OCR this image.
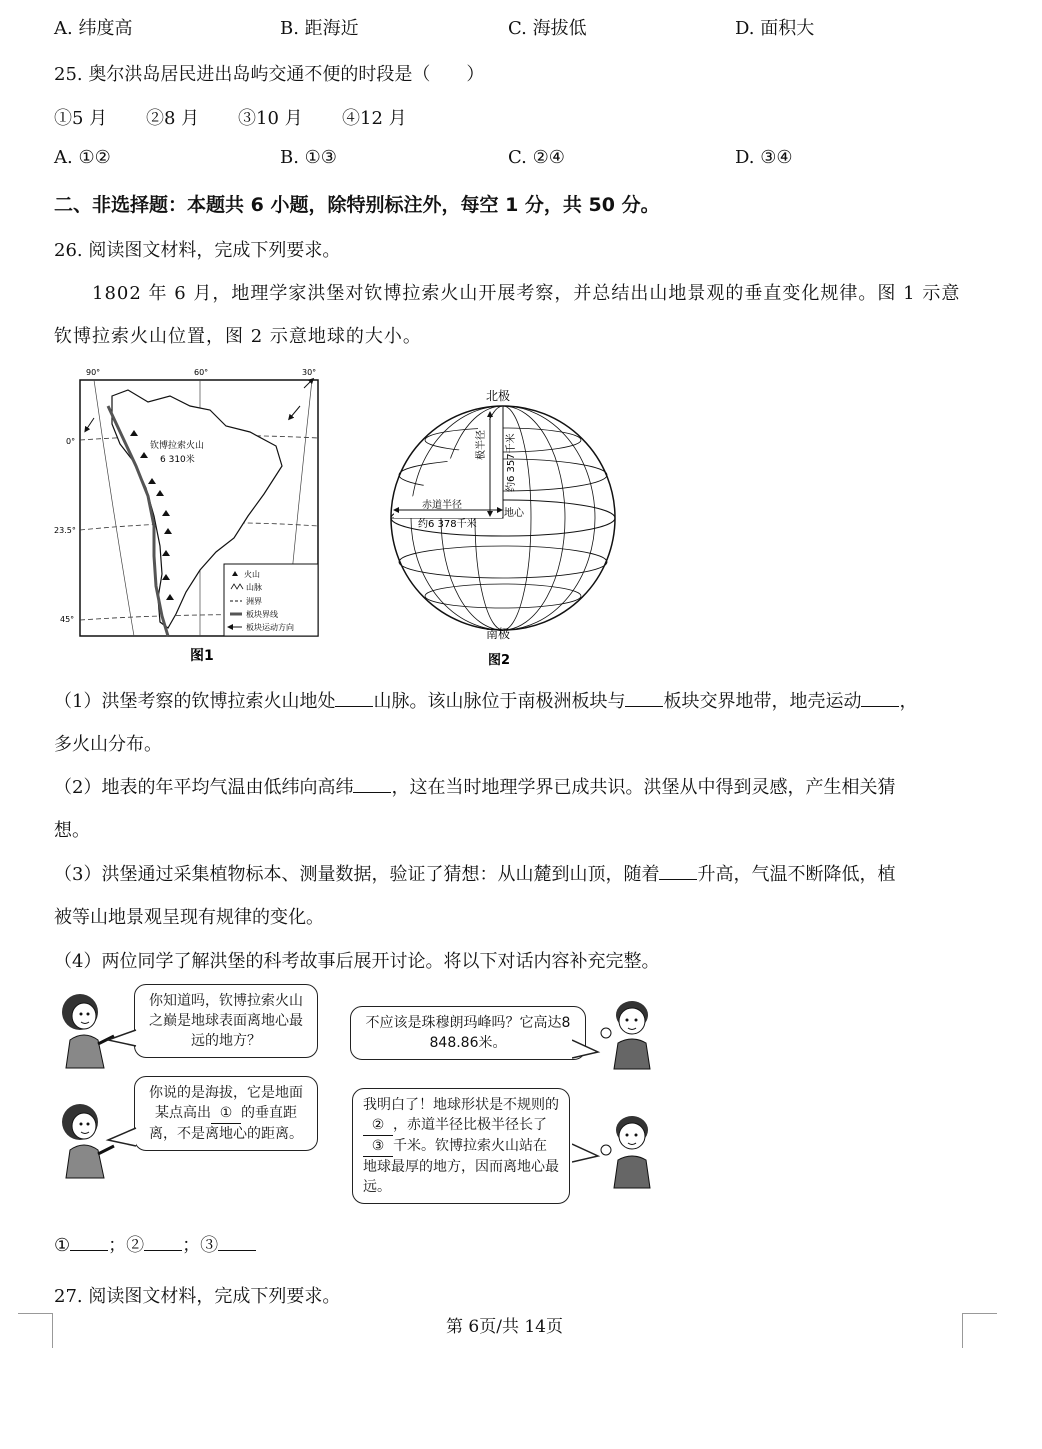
A. 纬度高	B. 距海近	C. 海拔低	D. 面积大
25. 奥尔洪岛居民进出岛屿交通不便的时段是（　　）
①5 月 ②8 月 ③10 月 ④12 月
A. ①②	B. ①③	C. ②④	D. ③④
二、非选择题：本题共 6 小题，除特别标注外，每空 1 分，共 50 分。
26. 阅读图文材料，完成下列要求。
1802 年 6 月，地理学家洪堡对钦博拉索火山开展考察，并总结出山地景观的垂直变化规律。图 1 示意
钦博拉索火山位置，图 2 示意地球的大小。
90°	60°	30°
0°
23.5°
45°
钦博拉索火山
6 310米
火山
山脉
洲界
板块界线
板块运动方向
图1
北极
南极
极半径 约6 357千米
赤道半径
约6 378千米
地心
图2
（1）洪堡考察的钦博拉索火山地处 山脉。该山脉位于南极洲板块与 板块交界地带，地壳运动 ，
多火山分布。
（2）地表的年平均气温由低纬向高纬 ，这在当时地理学界已成共识。洪堡从中得到灵感，产生相关猜
想。
（3）洪堡通过采集植物标本、测量数据，验证了猜想：从山麓到山顶，随着 升高，气温不断降低，植
被等山地景观呈现有规律的变化。
（4）两位同学了解洪堡的科考故事后展开讨论。将以下对话内容补充完整。
你知道吗，钦博拉索火山之巅是地球表面离地心最远的地方？
不应该是珠穆朗玛峰吗？它高达8 848.86米。
你说的是海拔，它是地面某点高出 ① 的垂直距离，不是离地心的距离。
我明白了！地球形状是不规则的② ，赤道半径比极半径长了③ 千米。钦博拉索火山站在地球最厚的地方，因而离地心最远。
① ；② ；③
27. 阅读图文材料，完成下列要求。
第 6页/共 14页
